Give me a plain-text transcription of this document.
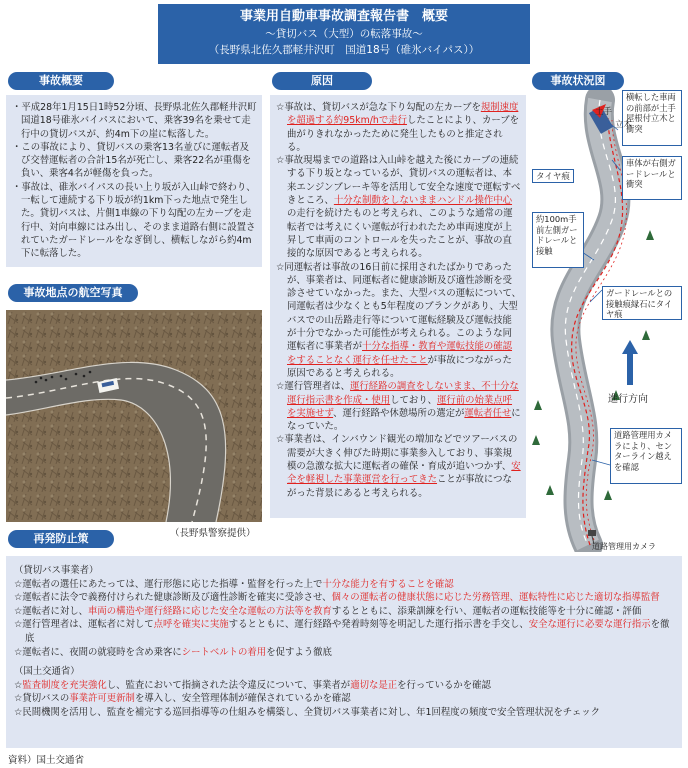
事業用自動車事故調査報告書　概要
～貸切バス（大型）の転落事故～
（長野県北佐久郡軽井沢町　国道18号（碓氷バイパス））
事故概要
・ 平成28年1月15日1時52分頃、長野県北佐久郡軽井沢町国道18号碓氷バイパスにおいて、乗客39名を乗せて走行中の貸切バスが、約4m下の崖に転落した。
・ この事故により、貸切バスの乗客13名並びに運転者及び交替運転者の合計15名が死亡し、乗客22名が重傷を負い、乗客4名が軽傷を負った。
・ 事故は、碓氷バイパスの長い上り坂が入山峠で終わり、一転して連続する下り坂が約1km下った地点で発生した。貸切バスは、片側1車線の下り勾配の左カーブを走行中、対向車線にはみ出し、そのまま道路右側に設置されていたガードレールをなぎ倒し、横転しながら約4m下に転落した。
事故地点の航空写真
（長野県警察提供）
原因
☆ 事故は、貸切バスが急な下り勾配の左カーブを規制速度を超過する約95km/hで走行したことにより、カーブを曲がりきれなかったために発生したものと推定される。
☆ 事故現場までの道路は入山峠を越えた後にカーブの連続する下り坂となっているが、貸切バスの運転者は、本来エンジンブレーキ等を活用して安全な速度で運転すべきところ、十分な制動をしないままハンドル操作中心の走行を続けたものと考えられ、このような通常の運転者では考えにくい運転が行われたため車両速度が上昇して車両のコントロールを失ったことが、事故の直接的な原因であると考えられる。
☆ 同運転者は事故の16日前に採用されたばかりであったが、事業者は、同運転者に健康診断及び適性診断を受診させていなかった。また、大型バスの運転について、同運転者は少なくとも5年程度のブランクがあり、大型バスでの山岳路走行等について運転経験及び運転技能が十分でなかった可能性が考えられる。このような同運転者に事業者が十分な指導・教育や運転技能の確認をすることなく運行を任せたことが事故につながった原因であると考えられる。
☆ 運行管理者は、運行経路の調査をしないまま、不十分な運行指示書を作成・使用しており、運行前の始業点呼を実施せず、運行経路や休憩場所の選定が運転者任せになっていた。
☆ 事業者は、インバウンド観光の増加などでツアーバスの需要が大きく伸びた時期に事業参入しており、事業規模の急激な拡大に運転者の確保・育成が追いつかず、安全を軽視した事業運営を行ってきたことが事故につながった背景にあると考えられる。
事故状況図
横転した車両の前部が土手屋根付立木と衝突
車体が右側ガードレールと衝突
約100m手前左側ガードレールと接触
ガードレールとの接触痕縁石にタイヤ痕
道路管理用カメラにより、センターライン越えを確認
土手
立木
タイヤ痕
進行方向
道路管理用カメラ
再発防止策

（貸切バス事業者）

☆ 運転者の選任にあたっては、運行形態に応じた指導・監督を行った上で十分な能力を有することを確認

☆ 運転者に法令で義務付けられた健康診断及び適性診断を確実に受診させ、個々の運転者の健康状態に応じた労務管理、運転特性に応じた適切な指導監督

☆ 運転者に対し、車両の構造や運行経路に応じた安全な運転の方法等を教育するとともに、添乗訓練を行い、運転者の運転技能等を十分に確認・評価

☆ 運行管理者は、運転者に対して点呼を確実に実施するとともに、運行経路や発着時刻等を明記した運行指示書を手交し、安全な運行に必要な運行指示を徹底

☆ 運転者に、夜間の就寝時を含め乗客にシートベルトの着用を促すよう徹底

（国土交通省）

☆ 監査制度を充実強化し、監査において指摘された法令違反について、事業者が適切な是正を行っているかを確認

☆ 貸切バスの事業許可更新制を導入し、安全管理体制が確保されているかを確認

☆ 民間機関を活用し、監査を補完する巡回指導等の仕組みを構築し、全貸切バス事業者に対し、年1回程度の頻度で安全管理状況をチェック

資料）国土交通省
